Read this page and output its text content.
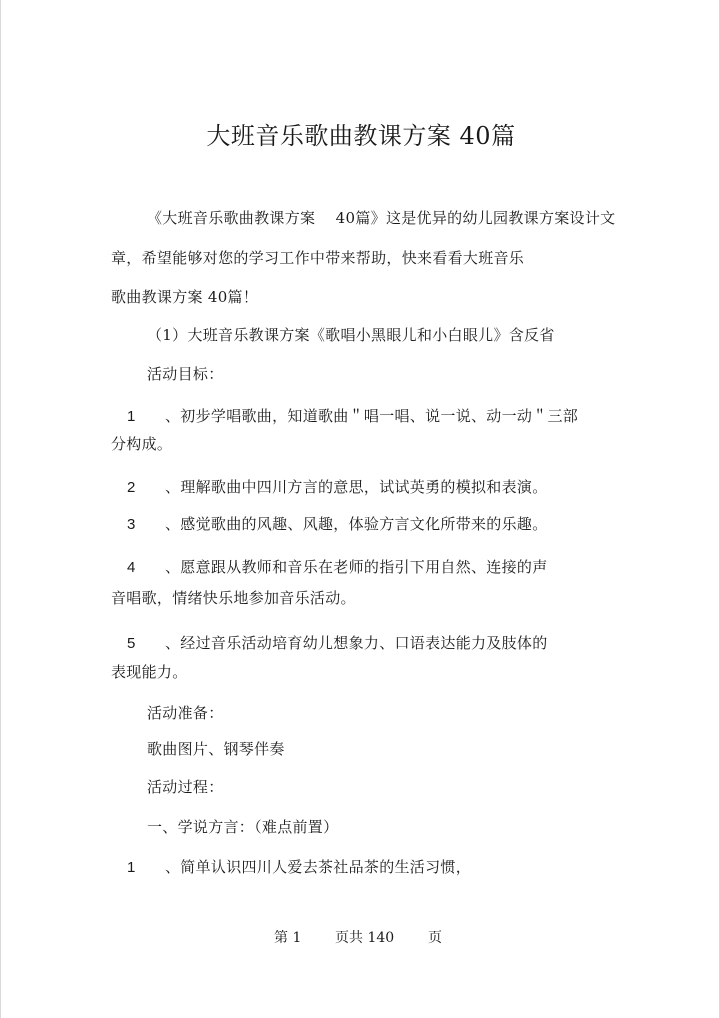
大班音乐歌曲教课方案 40篇
《大班音乐歌曲教课方案　 40篇》这是优异的幼儿园教课方案设计文
章，希望能够对您的学习工作中带来帮助，快来看看大班音乐
歌曲教课方案 40篇！
（1）大班音乐教课方案《歌唱小黑眼儿和小白眼儿》含反省
活动目标：
1 、初步学唱歌曲，知道歌曲＂唱一唱、说一说、动一动＂三部
分构成。
2 、理解歌曲中四川方言的意思，试试英勇的模拟和表演。
3 、感觉歌曲的风趣、风趣，体验方言文化所带来的乐趣。
4 、愿意跟从教师和音乐在老师的指引下用自然、连接的声
音唱歌，情绪快乐地参加音乐活动。
5 、经过音乐活动培育幼儿想象力、口语表达能力及肢体的
表现能力。
活动准备：
歌曲图片、钢琴伴奏
活动过程：
一、学说方言：（难点前置）
1 、简单认识四川人爱去茶社品茶的生活习惯，
第 1 页共 140 页
